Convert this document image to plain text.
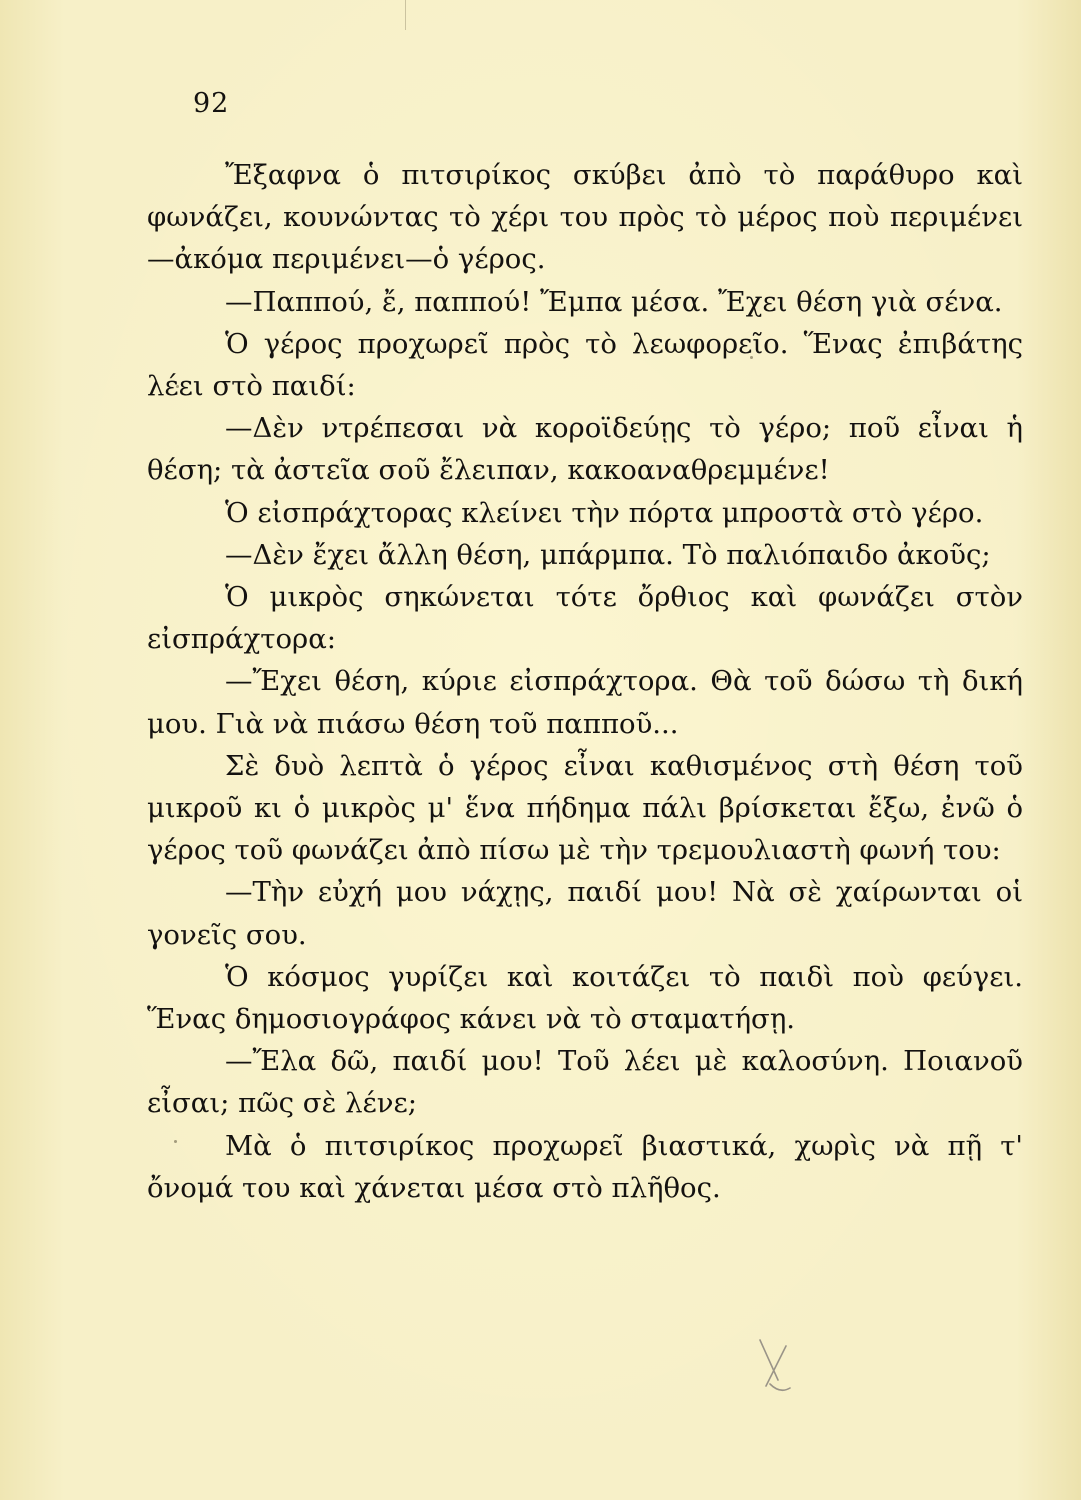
92

Ἔξαφνα ὁ πιτσιρίκος σκύβει ἀπὸ τὸ παράθυρο καὶ φωνάζει, κουνώντας τὸ χέρι του πρὸς τὸ μέρος ποὺ περιμένει—ἀκόμα περιμένει—ὁ γέρος.

—Παππού, ἔ, παππού! Ἔμπα μέσα. Ἔχει θέση γιὰ σένα.

Ὁ γέρος προχωρεῖ πρὸς τὸ λεωφορεῖο. Ἕνας ἐπιβάτης λέει στὸ παιδί:

—Δὲν ντρέπεσαι νὰ κοροϊδεύῃς τὸ γέρο; ποῦ εἶναι ἡ θέση; τὰ ἀστεῖα σοῦ ἔλειπαν, κακοαναθρεμμένε!

Ὁ εἰσπράχτορας κλείνει τὴν πόρτα μπροστὰ στὸ γέρο.

—Δὲν ἔχει ἄλλη θέση, μπάρμπα. Τὸ παλιόπαιδο ἀκοῦς;

Ὁ μικρὸς σηκώνεται τότε ὄρθιος καὶ φωνάζει στὸν εἰσπράχτορα:

—Ἔχει θέση, κύριε εἰσπράχτορα. Θὰ τοῦ δώσω τὴ δική μου. Γιὰ νὰ πιάσω θέση τοῦ παπποῦ...

Σὲ δυὸ λεπτὰ ὁ γέρος εἶναι καθισμένος στὴ θέση τοῦ μικροῦ κι ὁ μικρὸς μ' ἕνα πήδημα πάλι βρίσκεται ἔξω, ἐνῶ ὁ γέρος τοῦ φωνάζει ἀπὸ πίσω μὲ τὴν τρεμουλιαστὴ φωνή του:

—Τὴν εὐχή μου νάχῃς, παιδί μου! Νὰ σὲ χαίρωνται οἱ γονεῖς σου.

Ὁ κόσμος γυρίζει καὶ κοιτάζει τὸ παιδὶ ποὺ φεύγει. Ἕνας δημοσιογράφος κάνει νὰ τὸ σταματήσῃ.

—Ἔλα δῶ, παιδί μου! Τοῦ λέει μὲ καλοσύνη. Ποιανοῦ εἶσαι; πῶς σὲ λένε;

Μὰ ὁ πιτσιρίκος προχωρεῖ βιαστικά, χωρὶς νὰ πῇ τ' ὄνομά του καὶ χάνεται μέσα στὸ πλῆθος.
